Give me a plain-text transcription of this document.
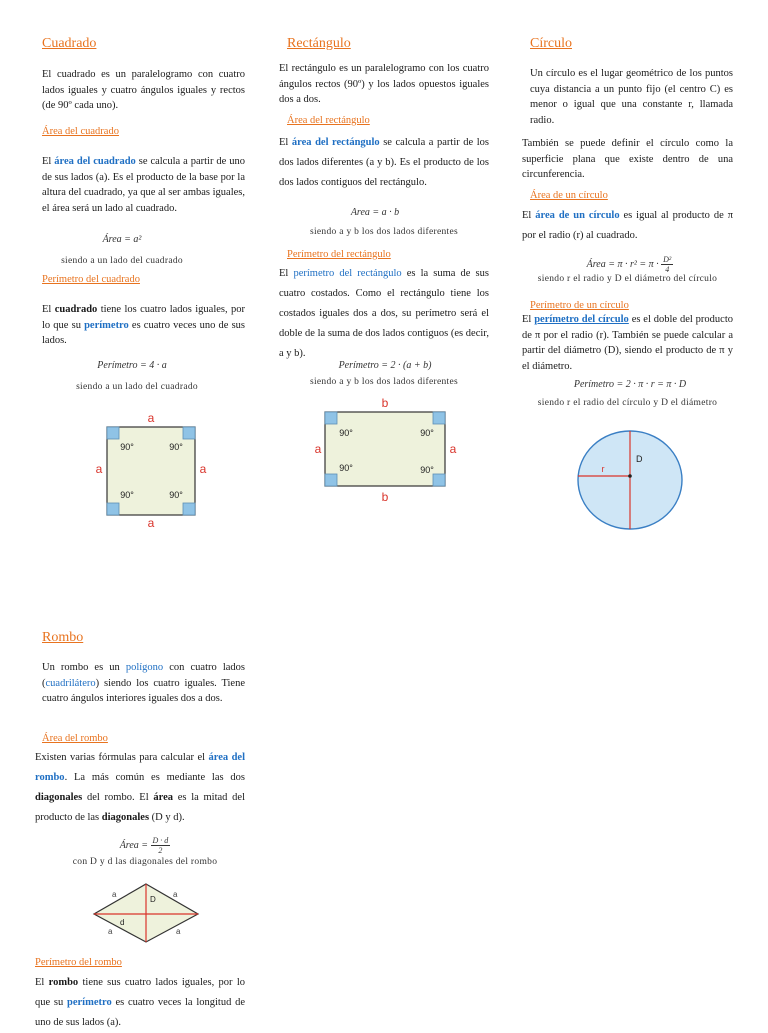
Cuadrado
El cuadrado es un paralelogramo con cuatro lados iguales y cuatro ángulos iguales y rectos (de 90º cada uno).
Área del cuadrado
El área del cuadrado se calcula a partir de uno de sus lados (a). Es el producto de la base por la altura del cuadrado, ya que al ser ambas iguales, el área será un lado al cuadrado.
Área = a²
siendo a un lado del cuadrado
Perímetro del cuadrado
El cuadrado tiene los cuatro lados iguales, por lo que su perímetro es cuatro veces uno de sus lados.
Perímetro = 4 · a
siendo a un lado del cuadrado
a
a
a	a
90°	90°
90°	90°
Rectángulo
El rectángulo es un paralelogramo con los cuatro ángulos rectos (90º) y los lados opuestos iguales dos a dos.
Área del rectángulo
El área del rectángulo se calcula a partir de los dos lados diferentes (a y b). Es el producto de los dos lados contiguos del rectángulo.
Area = a · b
siendo a y b los dos lados diferentes
Perímetro del rectángulo
El perímetro del rectángulo es la suma de sus cuatro costados. Como el rectángulo tiene los costados iguales dos a dos, su perímetro será el doble de la suma de dos lados contiguos (es decir, a y b).
Perímetro = 2 · (a + b)
siendo a y b los dos lados diferentes
b
b
a	a
90°	90°
90°	90°
Círculo
Un círculo es el lugar geométrico de los puntos cuya distancia a un punto fijo (el centro C) es menor o igual que una constante r, llamada radio.
También se puede definir el círculo como la superficie plana que existe dentro de una circunferencia.
Área de un círculo
El área de un círculo es igual al producto de π por el radio (r) al cuadrado.
Área = $\pi \cdot r^2 = \pi \cdot \frac{\text{D²}}{4}$
siendo r el radio y D el diámetro del círculo
Perímetro de un círculo
El perímetro del círculo es el doble del producto de π por el radio (r). También se puede calcular a partir del diámetro (D), siendo el producto de π y el diámetro.
Perímetro = 2 · π · r = π · D
siendo r el radio del círculo y D el diámetro
r
D
Rombo
Un rombo es un polígono con cuatro lados (cuadrilátero) siendo los cuatro iguales. Tiene cuatro ángulos interiores iguales dos a dos.
Área del rombo
Existen varias fórmulas para calcular el área del rombo. La más común es mediante las dos diagonales del rombo. El área es la mitad del producto de las diagonales (D y d).
Área = $\frac{D \cdot d}{2}$
con D y d las diagonales del rombo
a	a
a	a
D
d
Perímetro del rombo
El rombo tiene sus cuatro lados iguales, por lo que su perímetro es cuatro veces la longitud de uno de sus lados (a).
